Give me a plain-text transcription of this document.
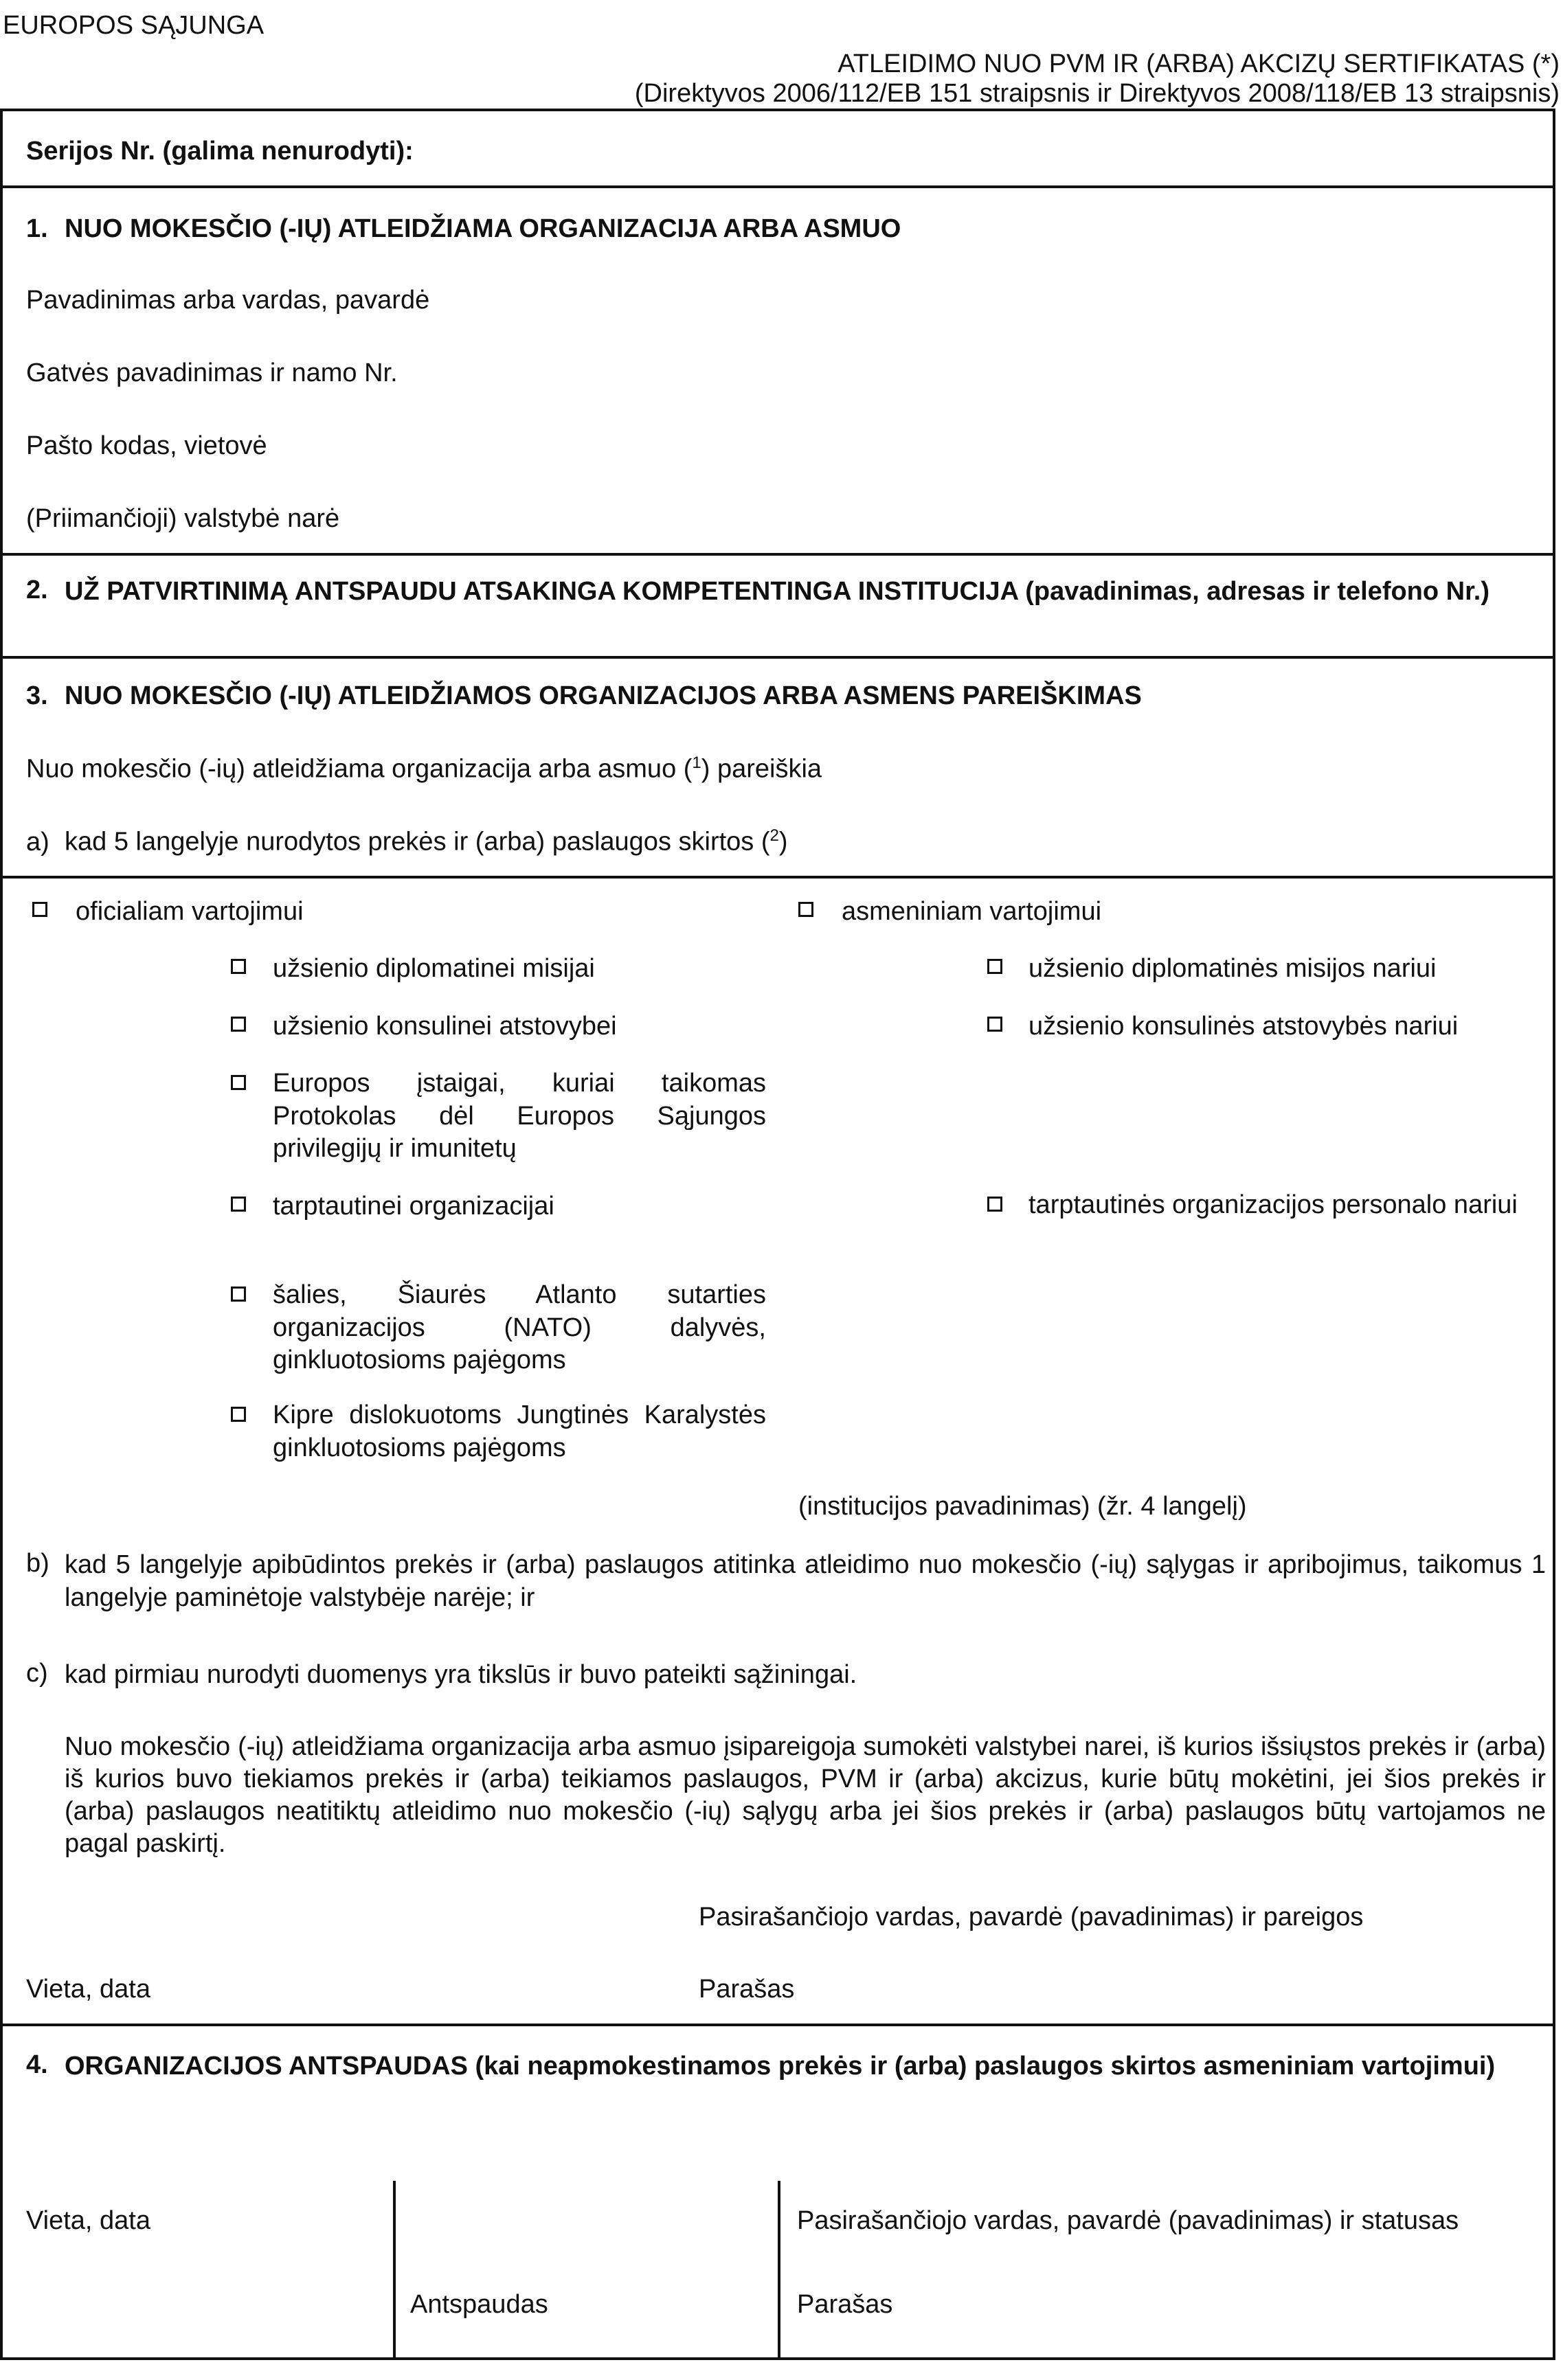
EUROPOS SĄJUNGA
ATLEIDIMO NUO PVM IR (ARBA) AKCIZŲ SERTIFIKATAS (*)
(Direktyvos 2006/112/EB 151 straipsnis ir Direktyvos 2008/118/EB 13 straipsnis)
Serijos Nr. (galima nenurodyti):
1. NUO MOKESČIO (-IŲ) ATLEIDŽIAMA ORGANIZACIJA ARBA ASMUO
Pavadinimas arba vardas, pavardė
Gatvės pavadinimas ir namo Nr.
Pašto kodas, vietovė
(Priimančioji) valstybė narė
2. UŽ PATVIRTINIMĄ ANTSPAUDU ATSAKINGA KOMPETENTINGA INSTITUCIJA (pavadinimas, adresas ir telefono Nr.)
3. NUO MOKESČIO (-IŲ) ATLEIDŽIAMOS ORGANIZACIJOS ARBA ASMENS PAREIŠKIMAS
Nuo mokesčio (-ių) atleidžiama organizacija arba asmuo ($^1$) pareiškia
a) kad 5 langelyje nurodytos prekės ir (arba) paslaugos skirtos ($^2$)
oficialiam vartojimui	asmeniniam vartojimui
užsienio diplomatinei misijai
užsienio konsulinei atstovybei
Europos įstaigai, kuriai taikomas Protokolas dėl Europos Sąjungos privilegijų ir imunitetų
tarptautinei organizacijai
šalies, Šiaurės Atlanto sutarties organizacijos (NATO) dalyvės, ginkluotosioms pajėgoms
Kipre dislokuotoms Jungtinės Karalystės ginkluotosioms pajėgoms
užsienio diplomatinės misijos nariui
užsienio konsulinės atstovybės nariui
tarptautinės organizacijos personalo nariui
(institucijos pavadinimas) (žr. 4 langelį)
b) kad 5 langelyje apibūdintos prekės ir (arba) paslaugos atitinka atleidimo nuo mokesčio (-ių) sąlygas ir apribojimus, taikomus 1 langelyje paminėtoje valstybėje narėje; ir
c) kad pirmiau nurodyti duomenys yra tikslūs ir buvo pateikti sąžiningai.
Nuo mokesčio (-ių) atleidžiama organizacija arba asmuo įsipareigoja sumokėti valstybei narei, iš kurios išsiųstos prekės ir (arba) iš kurios buvo tiekiamos prekės ir (arba) teikiamos paslaugos, PVM ir (arba) akcizus, kurie būtų mokėtini, jei šios prekės ir (arba) paslaugos neatitiktų atleidimo nuo mokesčio (-ių) sąlygų arba jei šios prekės ir (arba) paslaugos būtų vartojamos ne pagal paskirtį.
Pasirašančiojo vardas, pavardė (pavadinimas) ir pareigos
Vieta, data	Parašas
4. ORGANIZACIJOS ANTSPAUDAS (kai neapmokestinamos prekės ir (arba) paslaugos skirtos asmeniniam vartojimui)
Vieta, data
Antspaudas
Pasirašančiojo vardas, pavardė (pavadinimas) ir statusas
Parašas
